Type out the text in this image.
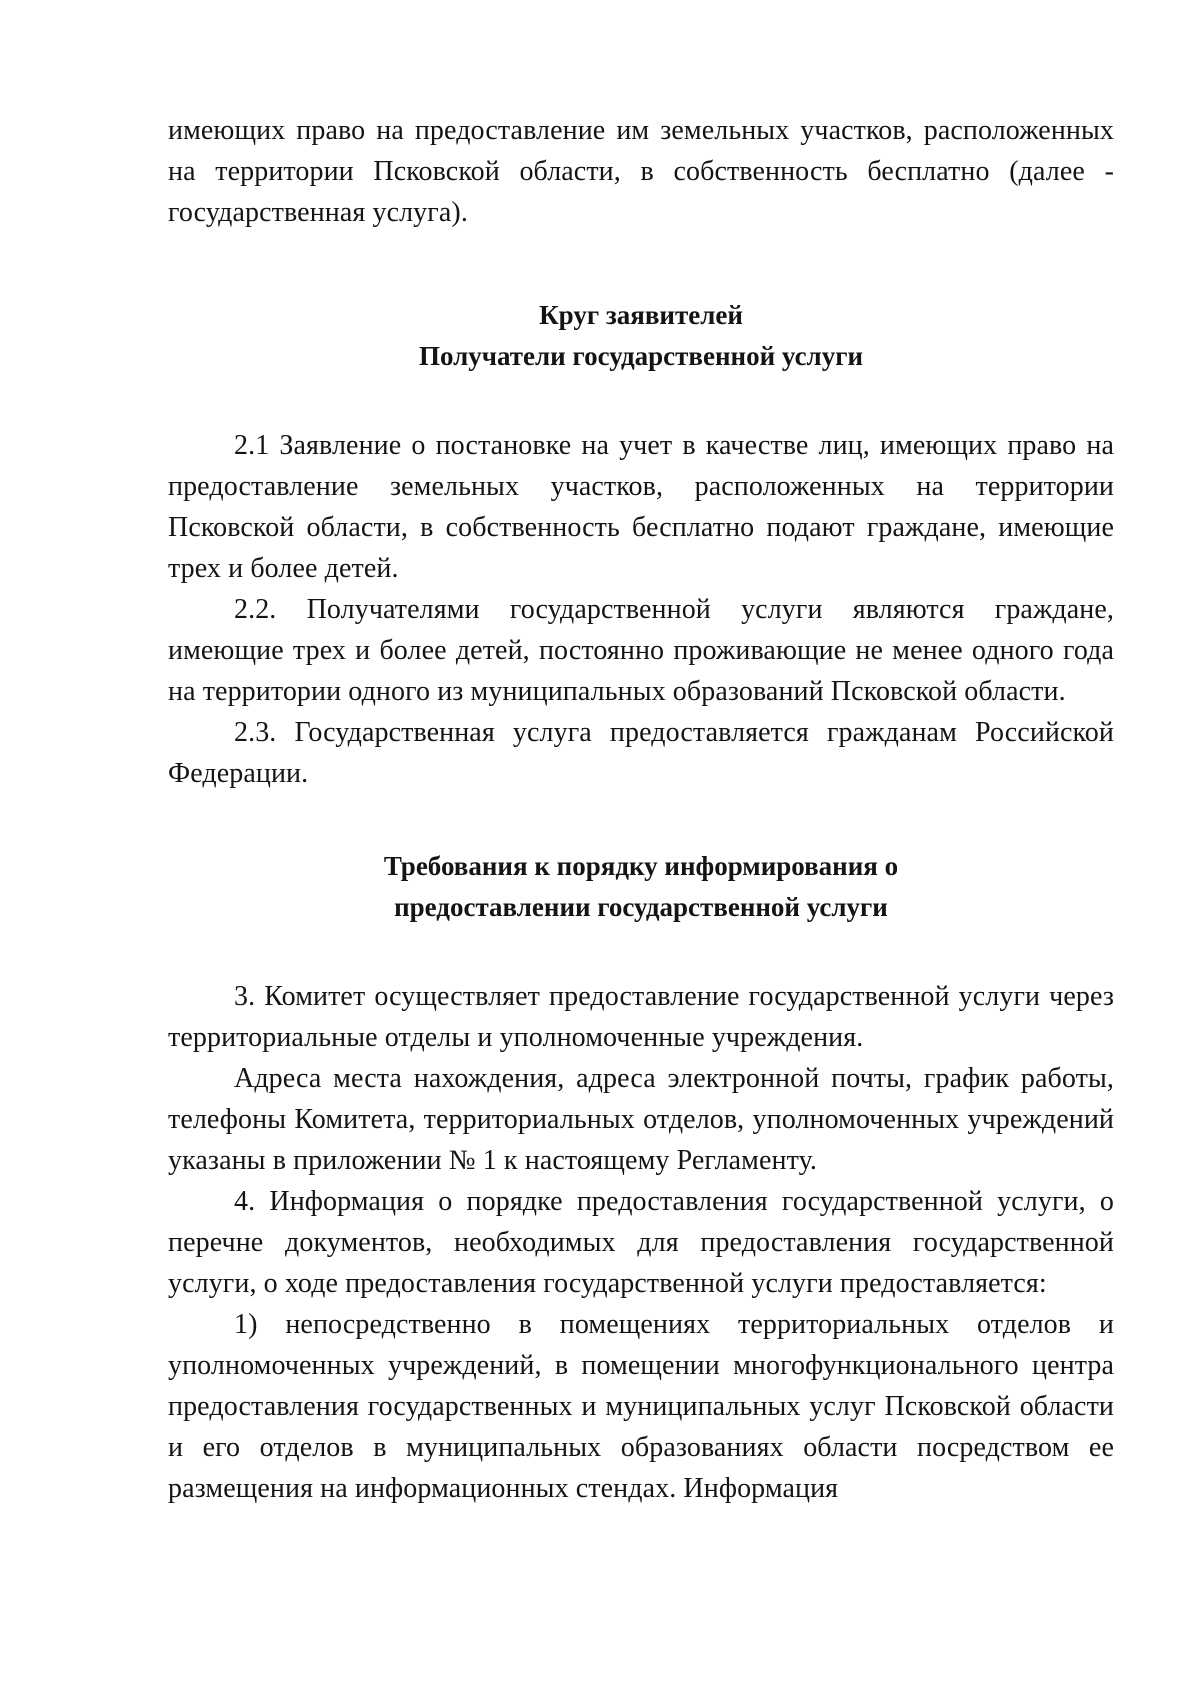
имеющих право на предоставление им земельных участков, расположенных на территории Псковской области, в собственность бесплатно (далее - государственная услуга).

Круг заявителей
Получатели государственной услуги

2.1 Заявление о постановке на учет в качестве лиц, имеющих право на предоставление земельных участков, расположенных на территории Псковской области, в собственность бесплатно подают граждане, имеющие трех и более детей.

2.2. Получателями государственной услуги являются граждане, имеющие трех и более детей, постоянно проживающие не менее одного года на территории одного из муниципальных образований Псковской области.

2.3. Государственная услуга предоставляется гражданам Российской Федерации.

Требования к порядку информирования о
предоставлении государственной услуги

3. Комитет осуществляет предоставление государственной услуги через территориальные отделы и уполномоченные учреждения.

Адреса места нахождения, адреса электронной почты, график работы, телефоны Комитета, территориальных отделов, уполномоченных учреждений указаны в приложении № 1 к настоящему Регламенту.

4. Информация о порядке предоставления государственной услуги, о перечне документов, необходимых для предоставления государственной услуги, о ходе предоставления государственной услуги предоставляется:

1) непосредственно в помещениях территориальных отделов и уполномоченных учреждений, в помещении многофункционального центра предоставления государственных и муниципальных услуг Псковской области и его отделов в муниципальных образованиях области посредством ее размещения на информационных стендах. Информация
